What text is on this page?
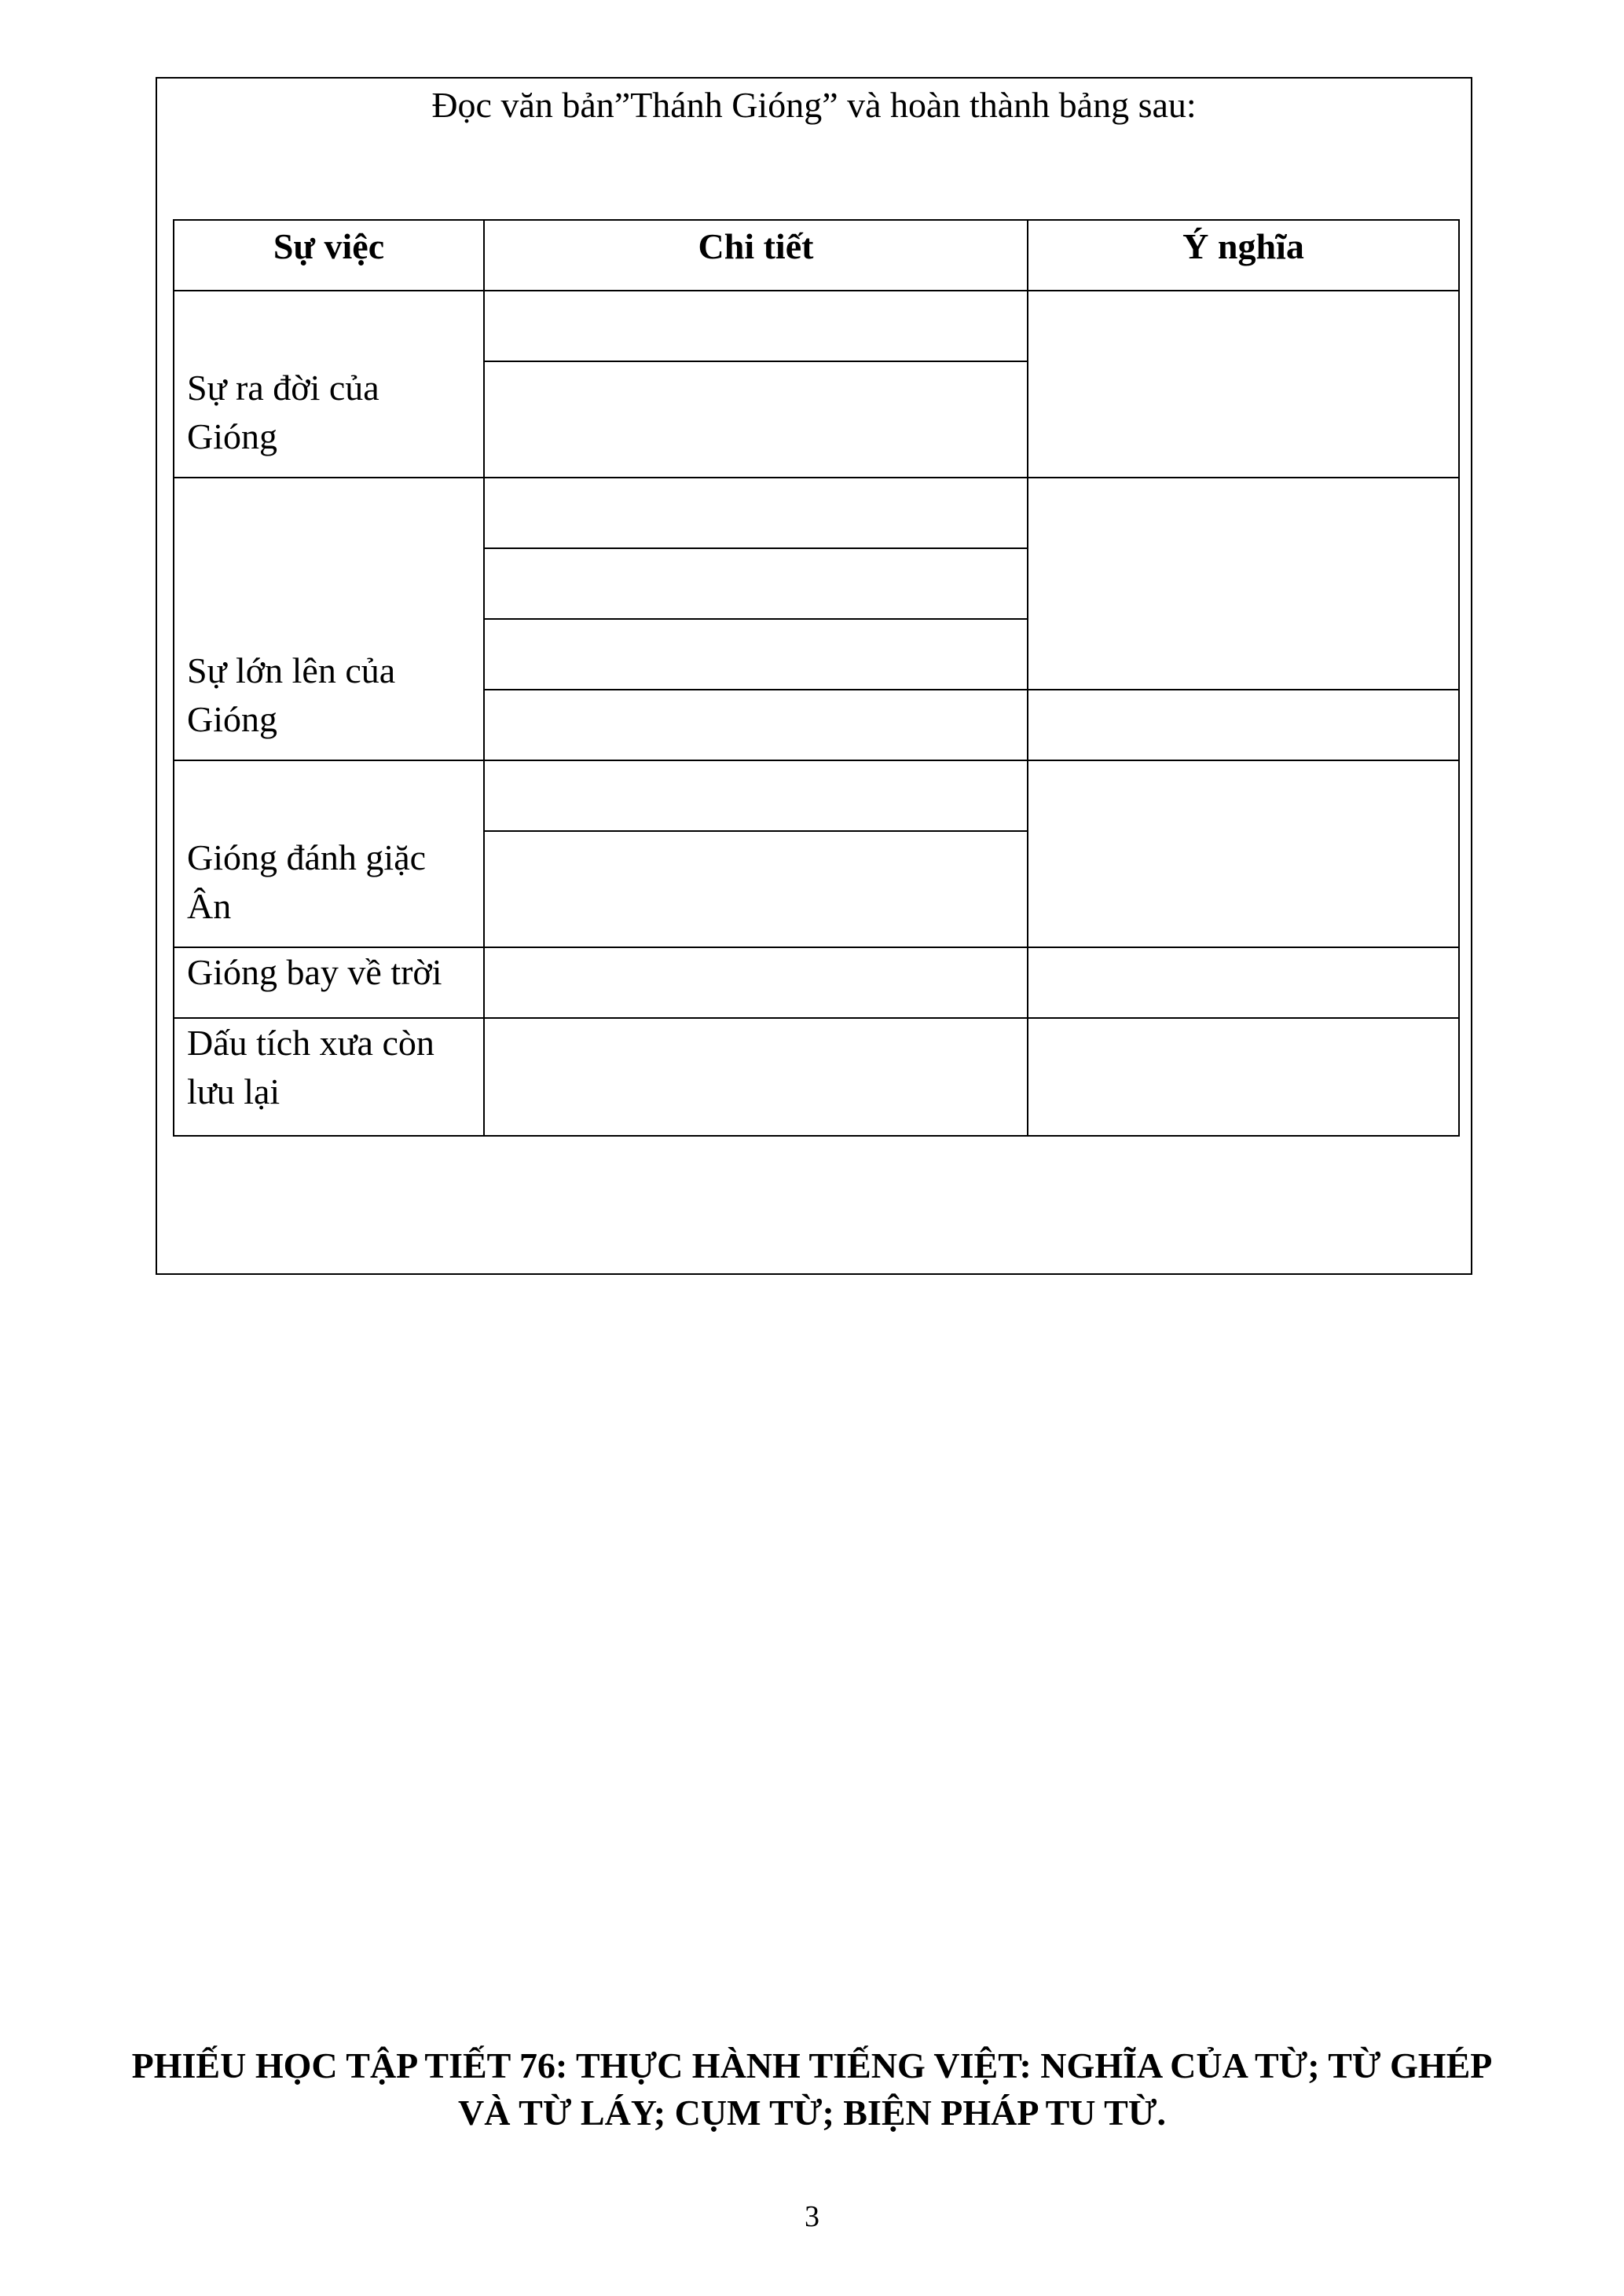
Đọc văn bản”Thánh Gióng” và hoàn thành bảng sau:
Sự việc	Chi tiết	Ý nghĩa
Sự ra đời của Gióng		

Sự lớn lên của Gióng		

Gióng đánh giặc Ân		

Gióng bay về trời		
Dấu tích xưa còn lưu lại		
PHIẾU HỌC TẬP TIẾT 76: THỰC HÀNH TIẾNG VIỆT: NGHĨA CỦA TỪ; TỪ GHÉP VÀ TỪ LÁY; CỤM TỪ; BIỆN PHÁP TU TỪ.
3
